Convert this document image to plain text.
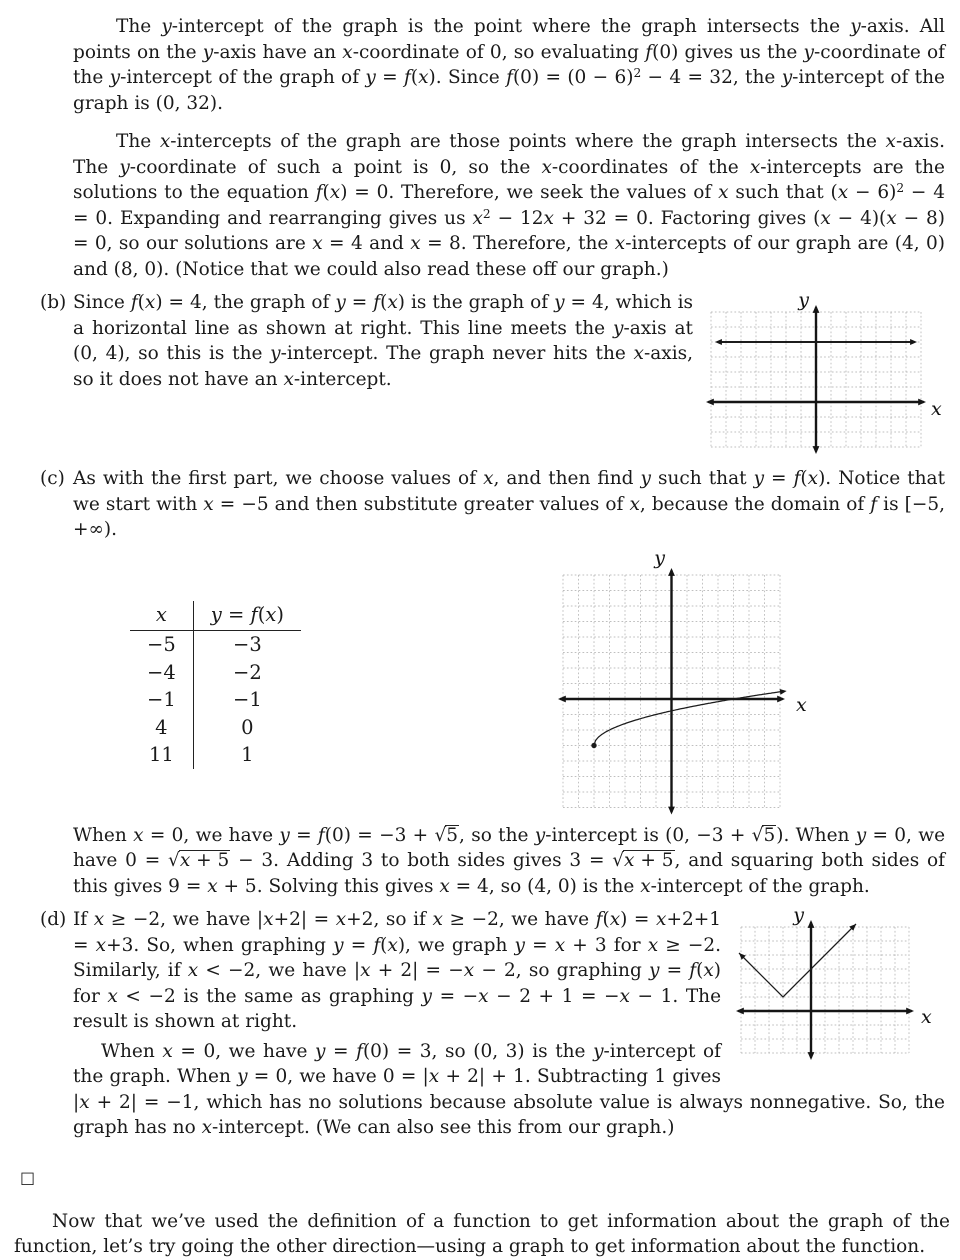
The y-intercept of the graph is the point where the graph intersects the y-axis. All points on the y-axis have an x-coordinate of 0, so evaluating f(0) gives us the y-coordinate of the y-intercept of the graph of y = f(x). Since $f(0) = (0 - 6)^2 - 4 = 32$, the y-intercept of the graph is (0, 32).

The x-intercepts of the graph are those points where the graph intersects the x-axis. The y-coordinate of such a point is 0, so the x-coordinates of the x-intercepts are the solutions to the equation f(x) = 0. Therefore, we seek the values of x such that $(x - 6)^2 - 4 = 0$. Expanding and rearranging gives us $x^2 - 12x + 32 = 0$. Factoring gives (x − 4)(x − 8) = 0, so our solutions are x = 4 and x = 8. Therefore, the x-intercepts of our graph are (4, 0) and (8, 0). (Notice that we could also read these off our graph.)

(b)	y
x

Since f(x) = 4, the graph of y = f(x) is the graph of y = 4, which is a horizontal line as shown at right. This line meets the y-axis at (0, 4), so this is the y-intercept. The graph never hits the x-axis, so it does not have an x-intercept.

(c) As with the first part, we choose values of x, and then find y such that y = f(x). Notice that we start with x = −5 and then substitute greater values of x, because the domain of f is [−5, +∞).

x	y = f(x)
−5	−3
−4	−2
−1	−1
4	0
11	1
y
x

When x = 0, we have y = f(0) = −3 + √5, so the y-intercept is (0, −3 + √5). When y = 0, we have 0 = √x + 5 − 3. Adding 3 to both sides gives 3 = √x + 5, and squaring both sides of this gives 9 = x + 5. Solving this gives x = 4, so (4, 0) is the x-intercept of the graph.

(d)	y
x

If x ≥ −2, we have |x+2| = x+2, so if x ≥ −2, we have f(x) = x+2+1 = x+3. So, when graphing y = f(x), we graph y = x + 3 for x ≥ −2. Similarly, if x < −2, we have |x + 2| = −x − 2, so graphing y = f(x) for x < −2 is the same as graphing y = −x − 2 + 1 = −x − 1. The result is shown at right.

When x = 0, we have y = f(0) = 3, so (0, 3) is the y-intercept of the graph. When y = 0, we have 0 = |x + 2| + 1. Subtracting 1 gives |x + 2| = −1, which has no solutions because absolute value is always nonnegative. So, the graph has no x-intercept. (We can also see this from our graph.)

□

Now that we’ve used the definition of a function to get information about the graph of the function, let’s try going the other direction—using a graph to get information about the function.
